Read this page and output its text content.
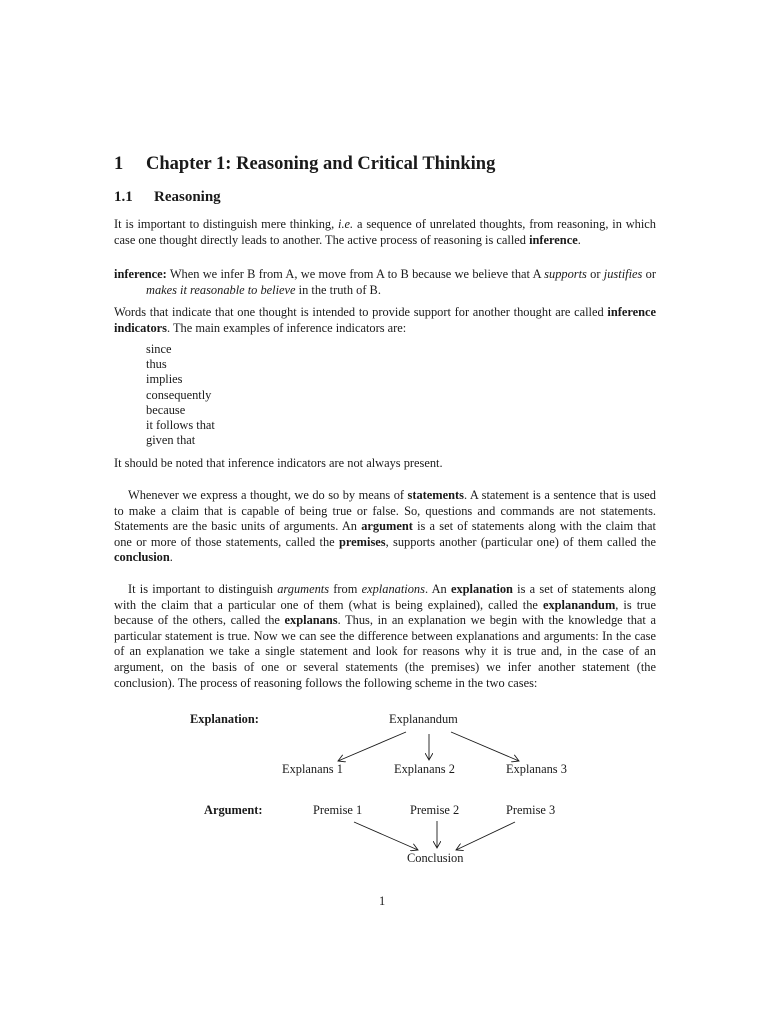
1 Chapter 1: Reasoning and Critical Thinking
1.1 Reasoning

It is important to distinguish mere thinking, i.e. a sequence of unrelated thoughts, from reasoning, in which case one thought directly leads to another. The active process of reasoning is called inference.

inference: When we infer B from A, we move from A to B because we believe that A supports or justifies or makes it reasonable to believe in the truth of B.

Words that indicate that one thought is intended to provide support for another thought are called inference indicators. The main examples of inference indicators are:

since
thus
implies
consequently
because
it follows that
given that

It should be noted that inference indicators are not always present.

Whenever we express a thought, we do so by means of statements. A statement is a sentence that is used to make a claim that is capable of being true or false. So, questions and commands are not statements. Statements are the basic units of arguments. An argument is a set of statements along with the claim that one or more of those statements, called the premises, supports another (particular one) of them called the conclusion.

It is important to distinguish arguments from explanations. An explanation is a set of statements along with the claim that a particular one of them (what is being explained), called the explanandum, is true because of the others, called the explanans. Thus, in an explanation we begin with the knowledge that a particular statement is true. Now we can see the difference between explanations and arguments: In the case of an explanation we take a single statement and look for reasons why it is true and, in the case of an argument, on the basis of one or several statements (the premises) we infer another statement (the conclusion). The process of reasoning follows the following scheme in the two cases:

Explanation:	Explanandum
Explanans 1	Explanans 2	Explanans 3
Argument:	Premise 1	Premise 2	Premise 3
Conclusion
1
